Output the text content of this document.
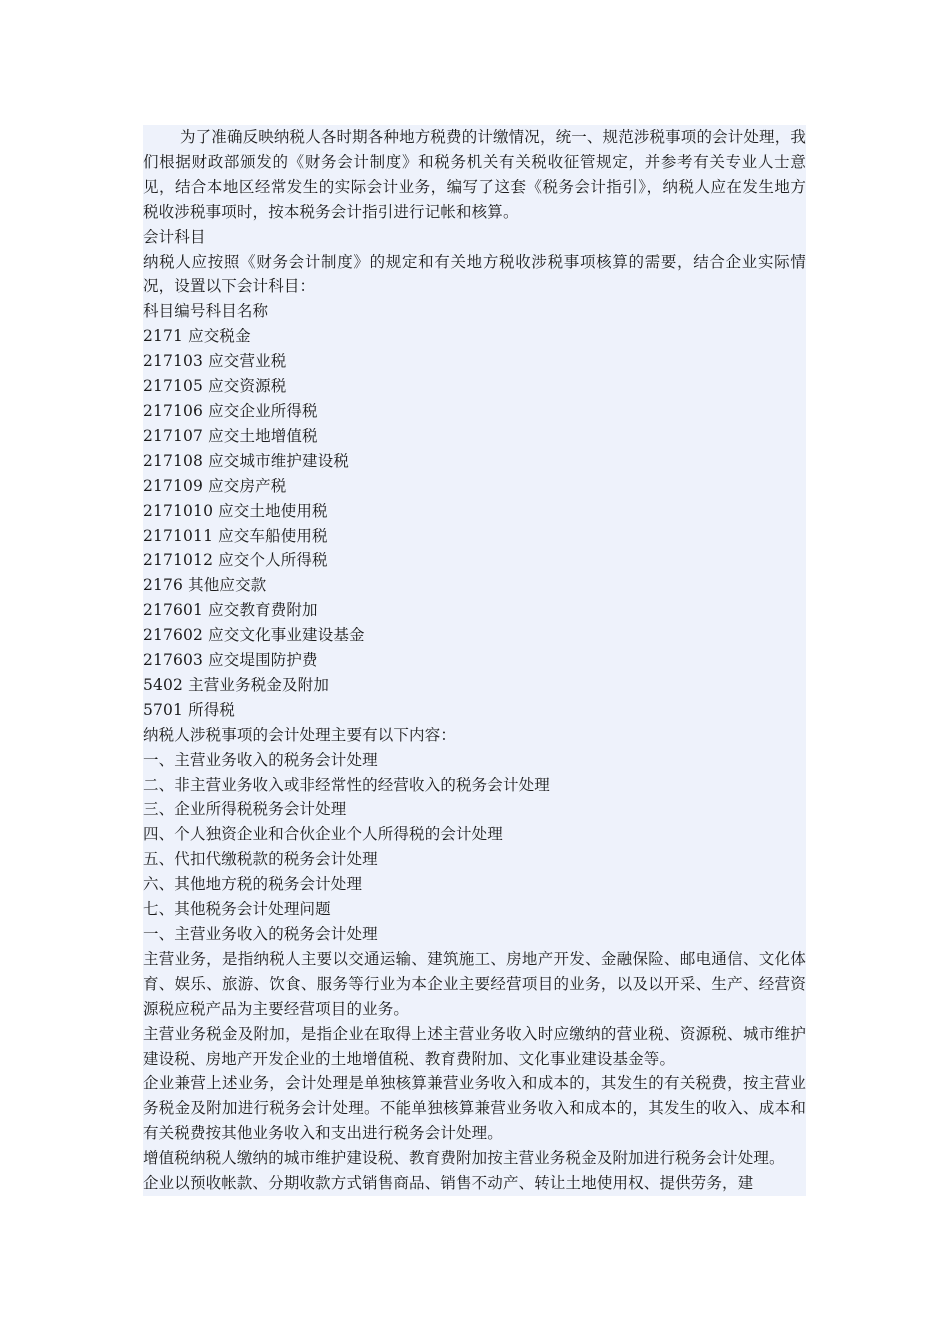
为了准确反映纳税人各时期各种地方税费的计缴情况，统一、规范涉税事项的会计处理，我们根据财政部颁发的《财务会计制度》和税务机关有关税收征管规定，并参考有关专业人士意见，结合本地区经常发生的实际会计业务，编写了这套《税务会计指引》，纳税人应在发生地方税收涉税事项时，按本税务会计指引进行记帐和核算。

会计科目

纳税人应按照《财务会计制度》的规定和有关地方税收涉税事项核算的需要，结合企业实际情况，设置以下会计科目：

科目编号科目名称

2171 应交税金

217103 应交营业税

217105 应交资源税

217106 应交企业所得税

217107 应交土地增值税

217108 应交城市维护建设税

217109 应交房产税

2171010 应交土地使用税

2171011 应交车船使用税

2171012 应交个人所得税

2176 其他应交款

217601 应交教育费附加

217602 应交文化事业建设基金

217603 应交堤围防护费

5402 主营业务税金及附加

5701 所得税

纳税人涉税事项的会计处理主要有以下内容：

一、主营业务收入的税务会计处理

二、非主营业务收入或非经常性的经营收入的税务会计处理

三、企业所得税税务会计处理

四、个人独资企业和合伙企业个人所得税的会计处理

五、代扣代缴税款的税务会计处理

六、其他地方税的税务会计处理

七、其他税务会计处理问题

一、主营业务收入的税务会计处理

主营业务，是指纳税人主要以交通运输、建筑施工、房地产开发、金融保险、邮电通信、文化体育、娱乐、旅游、饮食、服务等行业为本企业主要经营项目的业务，以及以开采、生产、经营资源税应税产品为主要经营项目的业务。

主营业务税金及附加，是指企业在取得上述主营业务收入时应缴纳的营业税、资源税、城市维护建设税、房地产开发企业的土地增值税、教育费附加、文化事业建设基金等。

企业兼营上述业务，会计处理是单独核算兼营业务收入和成本的，其发生的有关税费，按主营业务税金及附加进行税务会计处理。不能单独核算兼营业务收入和成本的，其发生的收入、成本和有关税费按其他业务收入和支出进行税务会计处理。

增值税纳税人缴纳的城市维护建设税、教育费附加按主营业务税金及附加进行税务会计处理。

企业以预收帐款、分期收款方式销售商品、销售不动产、转让土地使用权、提供劳务，建
